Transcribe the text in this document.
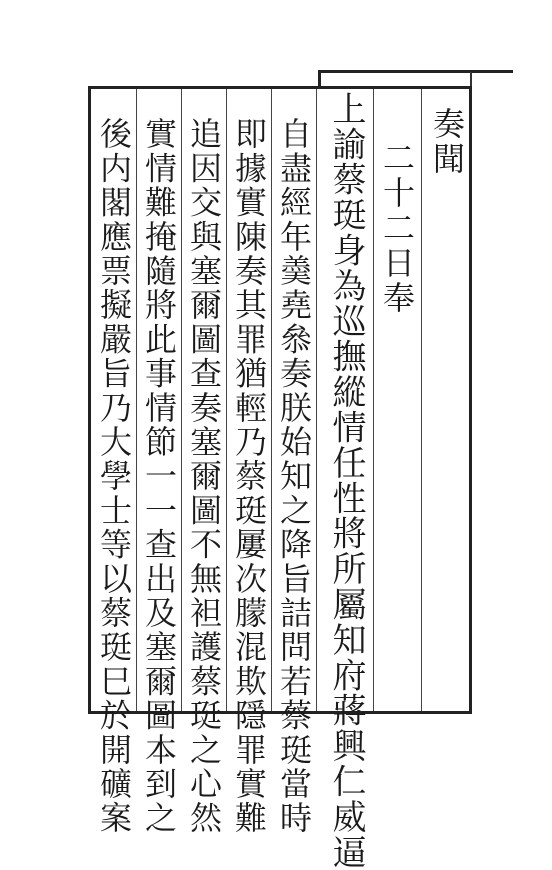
奏聞
二十二日奉
上諭蔡珽身為巡撫縱情任性將所屬知府蔣興仁威逼
自盡經年羮堯叅奏朕始知之降旨詰問若蔡珽當時
即據實陳奏其罪猶輕乃蔡珽屢次朦混欺隱罪實難
追因交與塞爾圖查奏塞爾圖不無袒護蔡珽之心然
實情難掩隨將此事情節一一查出及塞爾圖本到之
後内閣應票擬嚴旨乃大學士等以蔡珽巳於開礦案
